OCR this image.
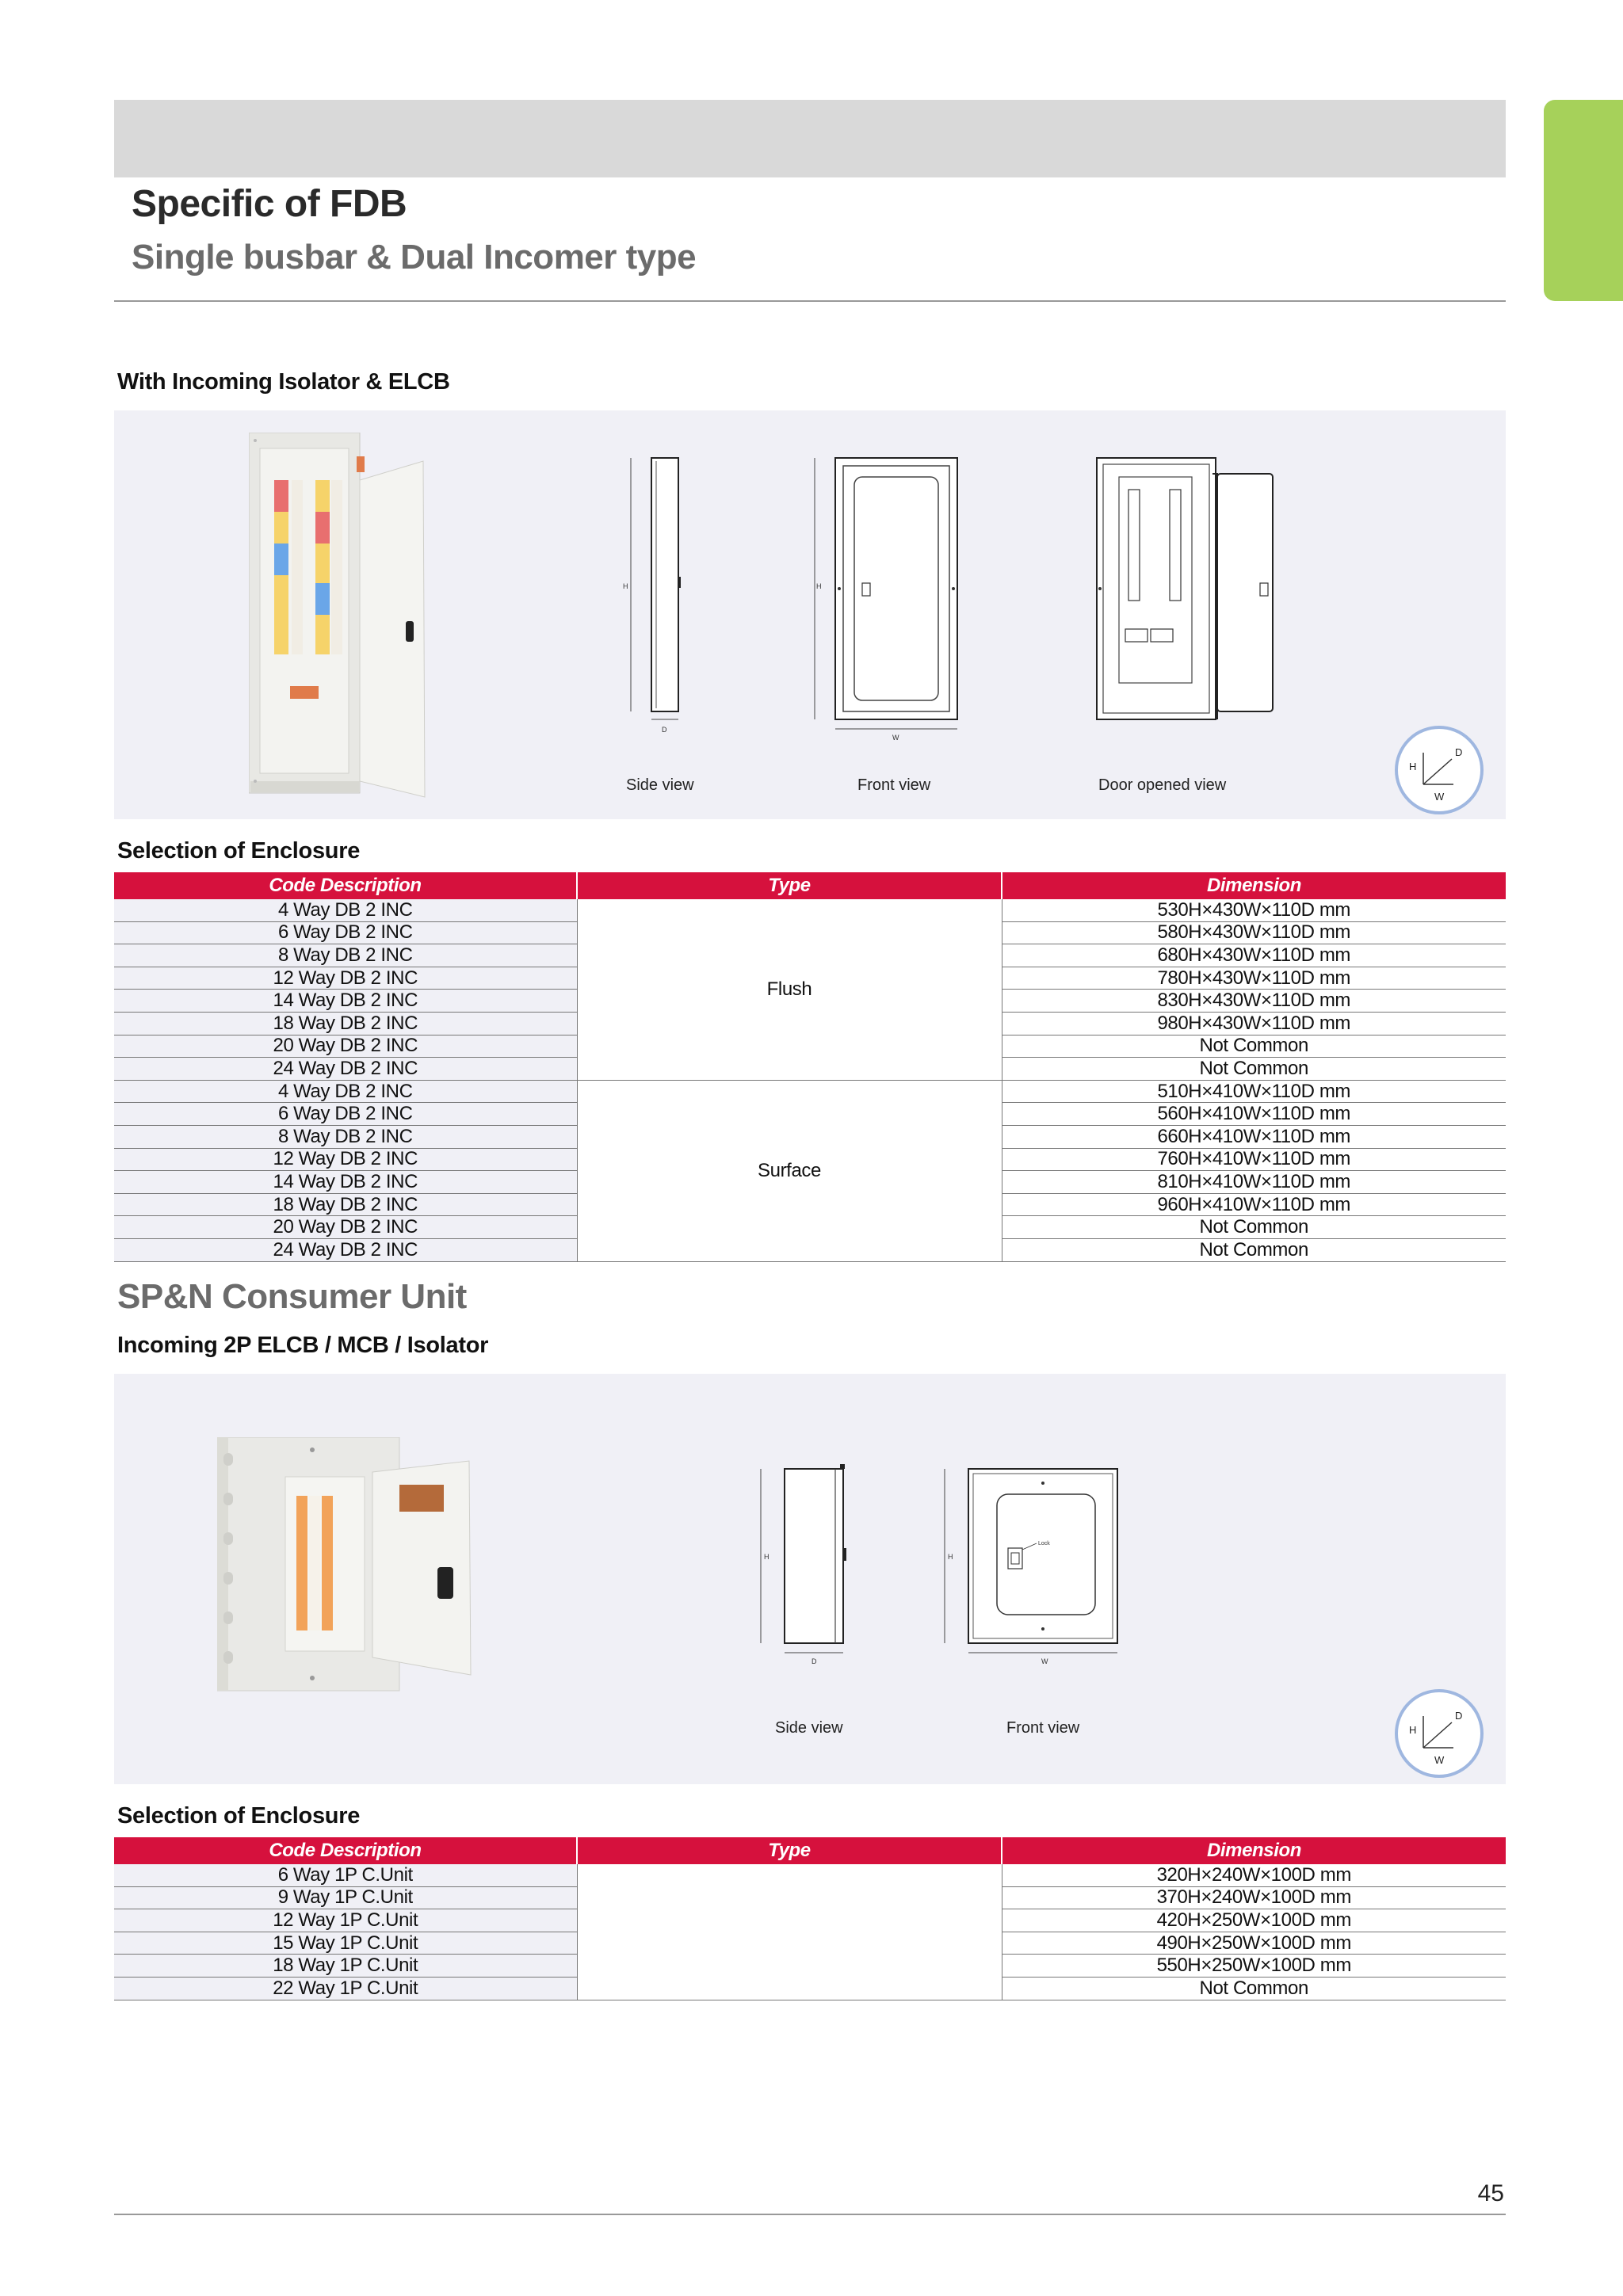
Specific of FDB
Single busbar & Dual Incomer type
With Incoming Isolator & ELCB
H
D
Side view
H
W
Front view	Door opened view
H
D
W
Selection of Enclosure
Code Description	Type	Dimension
4 Way DB 2 INC	Flush	530H×430W×110D mm
6 Way DB 2 INC		580H×430W×110D mm
8 Way DB 2 INC		680H×430W×110D mm
12 Way DB 2 INC		780H×430W×110D mm
14 Way DB 2 INC		830H×430W×110D mm
18 Way DB 2 INC		980H×430W×110D mm
20 Way DB 2 INC		Not Common
24 Way DB 2 INC		Not Common
4 Way DB 2 INC	Surface	510H×410W×110D mm
6 Way DB 2 INC		560H×410W×110D mm
8 Way DB 2 INC		660H×410W×110D mm
12 Way DB 2 INC		760H×410W×110D mm
14 Way DB 2 INC		810H×410W×110D mm
18 Way DB 2 INC		960H×410W×110D mm
20 Way DB 2 INC		Not Common
24 Way DB 2 INC		Not Common
SP&N Consumer Unit
Incoming 2P ELCB / MCB / Isolator
H
D
Side view
H
Lock
W
Front view	H
D
W
Selection of Enclosure
Code Description	Type	Dimension
6 Way 1P C.Unit		320H×240W×100D mm
9 Way 1P C.Unit		370H×240W×100D mm
12 Way 1P C.Unit		420H×250W×100D mm
15 Way 1P C.Unit		490H×250W×100D mm
18 Way 1P C.Unit		550H×250W×100D mm
22 Way 1P C.Unit		Not Common
45
